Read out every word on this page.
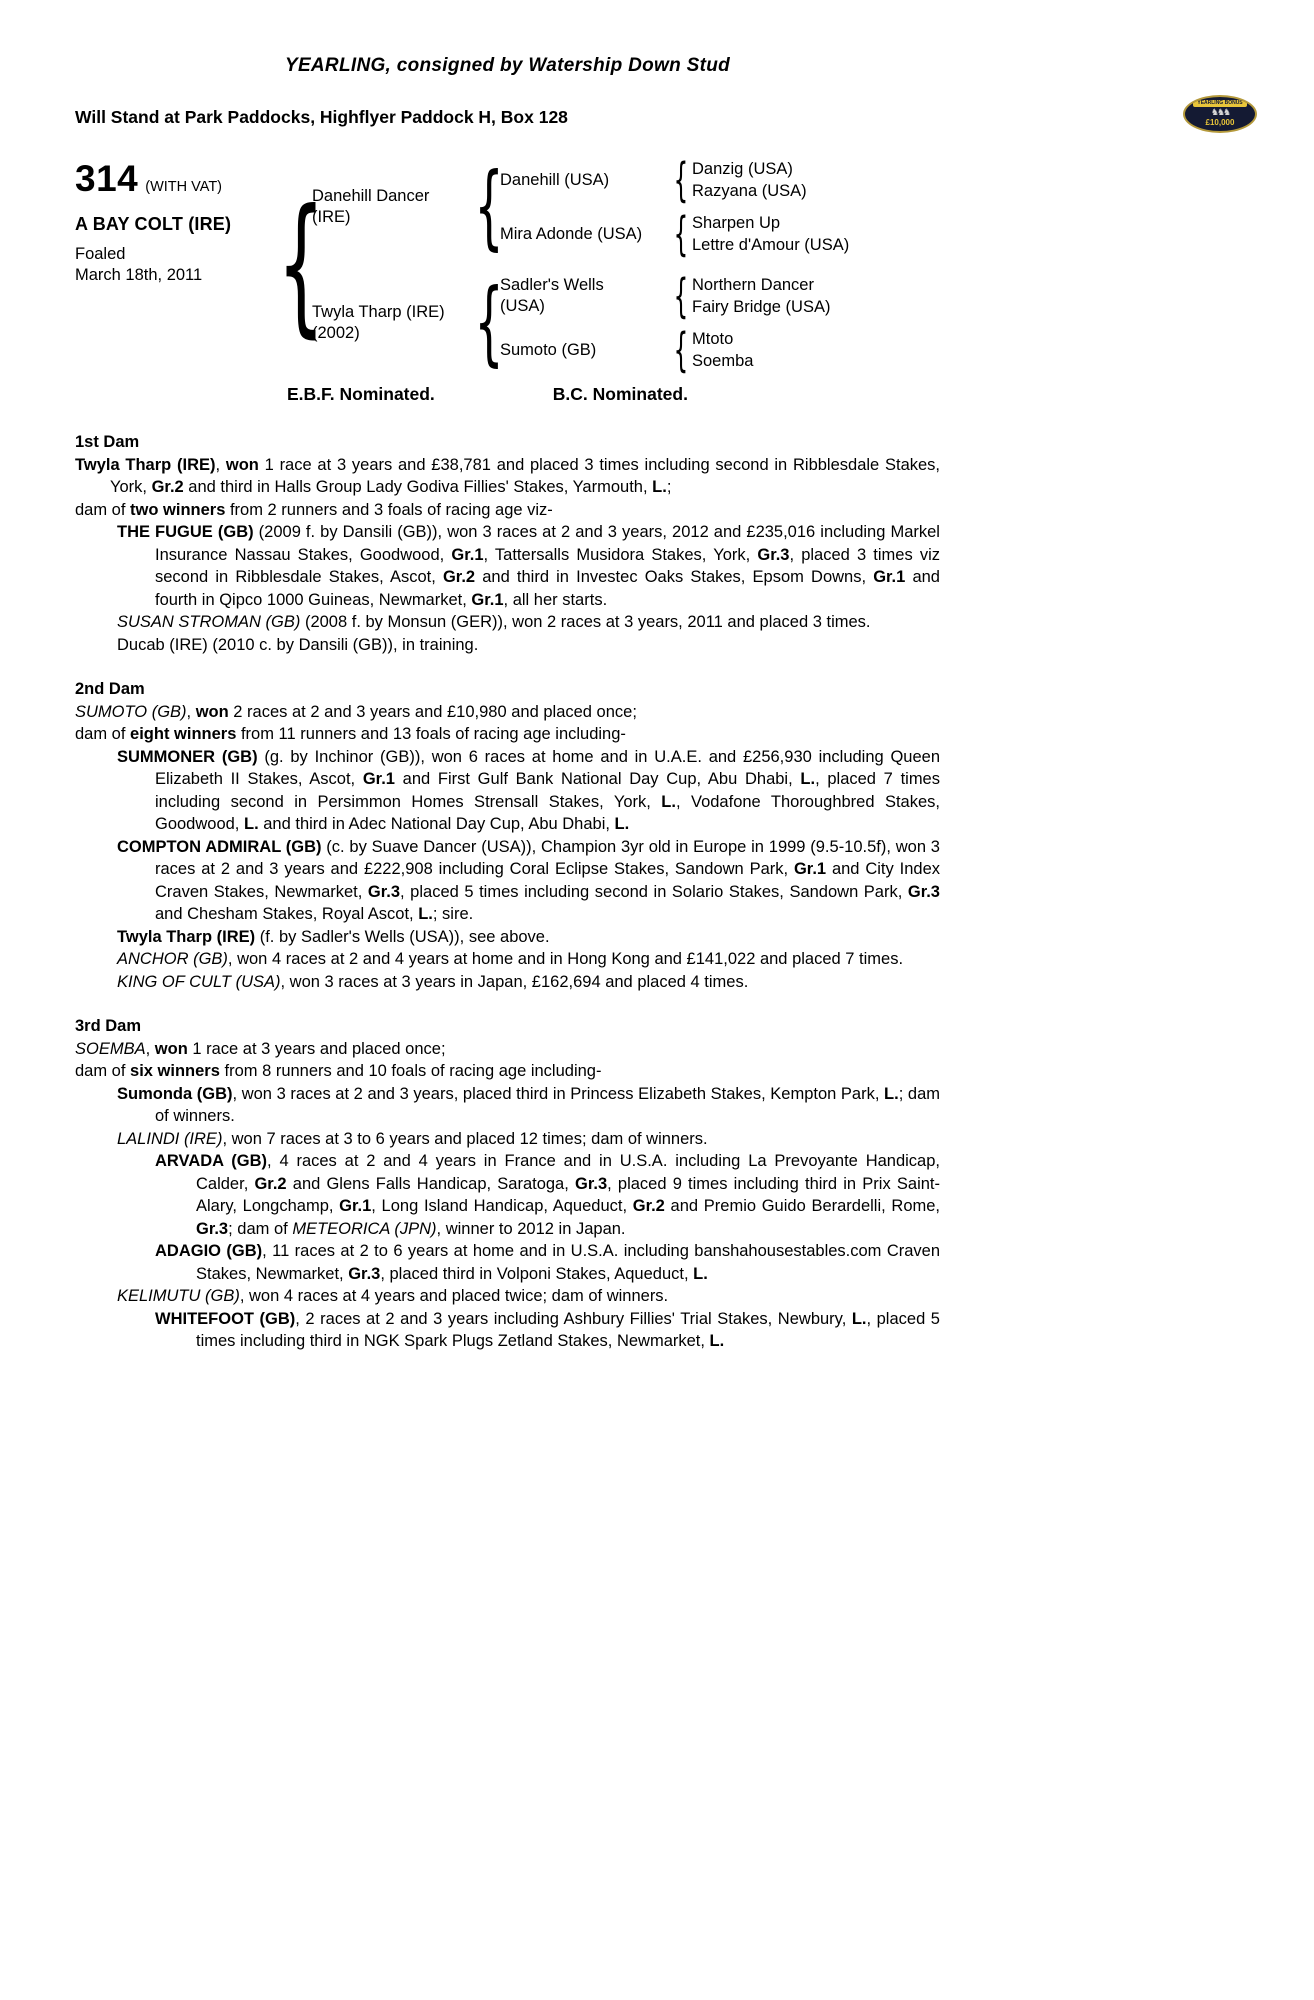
YEARLING BONUS
♞♞♞
£10,000
YEARLING, consigned by Watership Down Stud
Will Stand at Park Paddocks, Highflyer Paddock H, Box 128
314 (WITH VAT)
A BAY COLT (IRE)
Foaled
March 18th, 2011
{
Danehill Dancer
(IRE)
{
Danehill (USA)
{
Danzig (USA)
Razyana (USA)
Mira Adonde (USA)
{
Sharpen Up
Lettre d'Amour (USA)
Twyla Tharp (IRE)
(2002)
{
Sadler's Wells
(USA)
{
Northern Dancer
Fairy Bridge (USA)
Sumoto (GB)
{
Mtoto
Soemba
E.B.F. Nominated.	B.C. Nominated.
1st Dam

Twyla Tharp (IRE), won 1 race at 3 years and £38,781 and placed 3 times including second in Ribblesdale Stakes, York, Gr.2 and third in Halls Group Lady Godiva Fillies' Stakes, Yarmouth, L.;

dam of two winners from 2 runners and 3 foals of racing age viz-

THE FUGUE (GB) (2009 f. by Dansili (GB)), won 3 races at 2 and 3 years, 2012 and £235,016 including Markel Insurance Nassau Stakes, Goodwood, Gr.1, Tattersalls Musidora Stakes, York, Gr.3, placed 3 times viz second in Ribblesdale Stakes, Ascot, Gr.2 and third in Investec Oaks Stakes, Epsom Downs, Gr.1 and fourth in Qipco 1000 Guineas, Newmarket, Gr.1, all her starts.

SUSAN STROMAN (GB) (2008 f. by Monsun (GER)), won 2 races at 3 years, 2011 and placed 3 times.

Ducab (IRE) (2010 c. by Dansili (GB)), in training.

2nd Dam

SUMOTO (GB), won 2 races at 2 and 3 years and £10,980 and placed once;

dam of eight winners from 11 runners and 13 foals of racing age including-

SUMMONER (GB) (g. by Inchinor (GB)), won 6 races at home and in U.A.E. and £256,930 including Queen Elizabeth II Stakes, Ascot, Gr.1 and First Gulf Bank National Day Cup, Abu Dhabi, L., placed 7 times including second in Persimmon Homes Strensall Stakes, York, L., Vodafone Thoroughbred Stakes, Goodwood, L. and third in Adec National Day Cup, Abu Dhabi, L.

COMPTON ADMIRAL (GB) (c. by Suave Dancer (USA)), Champion 3yr old in Europe in 1999 (9.5-10.5f), won 3 races at 2 and 3 years and £222,908 including Coral Eclipse Stakes, Sandown Park, Gr.1 and City Index Craven Stakes, Newmarket, Gr.3, placed 5 times including second in Solario Stakes, Sandown Park, Gr.3 and Chesham Stakes, Royal Ascot, L.; sire.

Twyla Tharp (IRE) (f. by Sadler's Wells (USA)), see above.

ANCHOR (GB), won 4 races at 2 and 4 years at home and in Hong Kong and £141,022 and placed 7 times.

KING OF CULT (USA), won 3 races at 3 years in Japan, £162,694 and placed 4 times.

3rd Dam

SOEMBA, won 1 race at 3 years and placed once;

dam of six winners from 8 runners and 10 foals of racing age including-

Sumonda (GB), won 3 races at 2 and 3 years, placed third in Princess Elizabeth Stakes, Kempton Park, L.; dam of winners.

LALINDI (IRE), won 7 races at 3 to 6 years and placed 12 times; dam of winners.

ARVADA (GB), 4 races at 2 and 4 years in France and in U.S.A. including La Prevoyante Handicap, Calder, Gr.2 and Glens Falls Handicap, Saratoga, Gr.3, placed 9 times including third in Prix Saint-Alary, Longchamp, Gr.1, Long Island Handicap, Aqueduct, Gr.2 and Premio Guido Berardelli, Rome, Gr.3; dam of METEORICA (JPN), winner to 2012 in Japan.

ADAGIO (GB), 11 races at 2 to 6 years at home and in U.S.A. including banshahousestables.com Craven Stakes, Newmarket, Gr.3, placed third in Volponi Stakes, Aqueduct, L.

KELIMUTU (GB), won 4 races at 4 years and placed twice; dam of winners.

WHITEFOOT (GB), 2 races at 2 and 3 years including Ashbury Fillies' Trial Stakes, Newbury, L., placed 5 times including third in NGK Spark Plugs Zetland Stakes, Newmarket, L.
